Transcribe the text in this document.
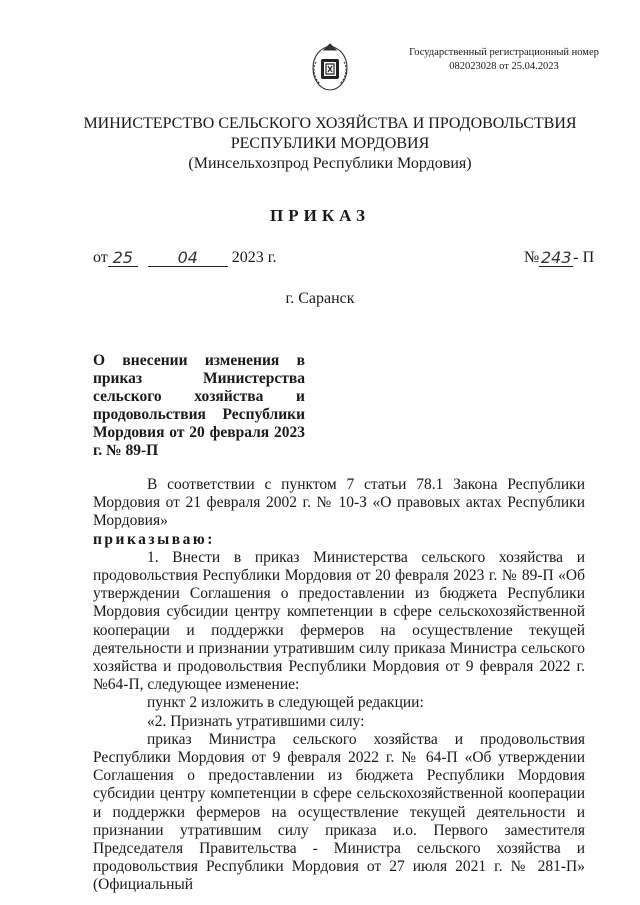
Государственный регистрационный номер
082023028 от 25.04.2023
МИНИСТЕРСТВО СЕЛЬСКОГО ХОЗЯЙСТВА И ПРОДОВОЛЬСТВИЯ
РЕСПУБЛИКИ МОРДОВИЯ
(Минсельхозпрод Республики Мордовия)
ПРИКАЗ
от 25	04 2023 г.	№ 243 - П
г. Саранск
О внесении изменения в приказ Министерства сельского хозяйства и продовольствия Республики Мордовия от 20 февраля 2023 г. № 89-П

В соответствии с пунктом 7 статьи 78.1 Закона Республики Мордовия от 21 февраля 2002 г. № 10-З «О правовых актах Республики Мордовия»

приказываю:

1. Внести в приказ Министерства сельского хозяйства и продовольствия Республики Мордовия от 20 февраля 2023 г. № 89-П «Об утверждении Соглашения о предоставлении из бюджета Республики Мордовия субсидии центру компетенции в сфере сельскохозяйственной кооперации и поддержки фермеров на осуществление текущей деятельности и признании утратившим силу приказа Министра сельского хозяйства и продовольствия Республики Мордовия от 9 февраля 2022 г. №64-П, следующее изменение:

пункт 2 изложить в следующей редакции:

«2. Признать утратившими силу:

приказ Министра сельского хозяйства и продовольствия Республики Мордовия от 9 февраля 2022 г. № 64-П «Об утверждении Соглашения о предоставлении из бюджета Республики Мордовия субсидии центру компетенции в сфере сельскохозяйственной кооперации и поддержки фермеров на осуществление текущей деятельности и признании утратившим силу приказа и.о. Первого заместителя Председателя Правительства - Министра сельского хозяйства и продовольствия Республики Мордовия от 27 июля 2021 г. № 281-П» (Официальный
